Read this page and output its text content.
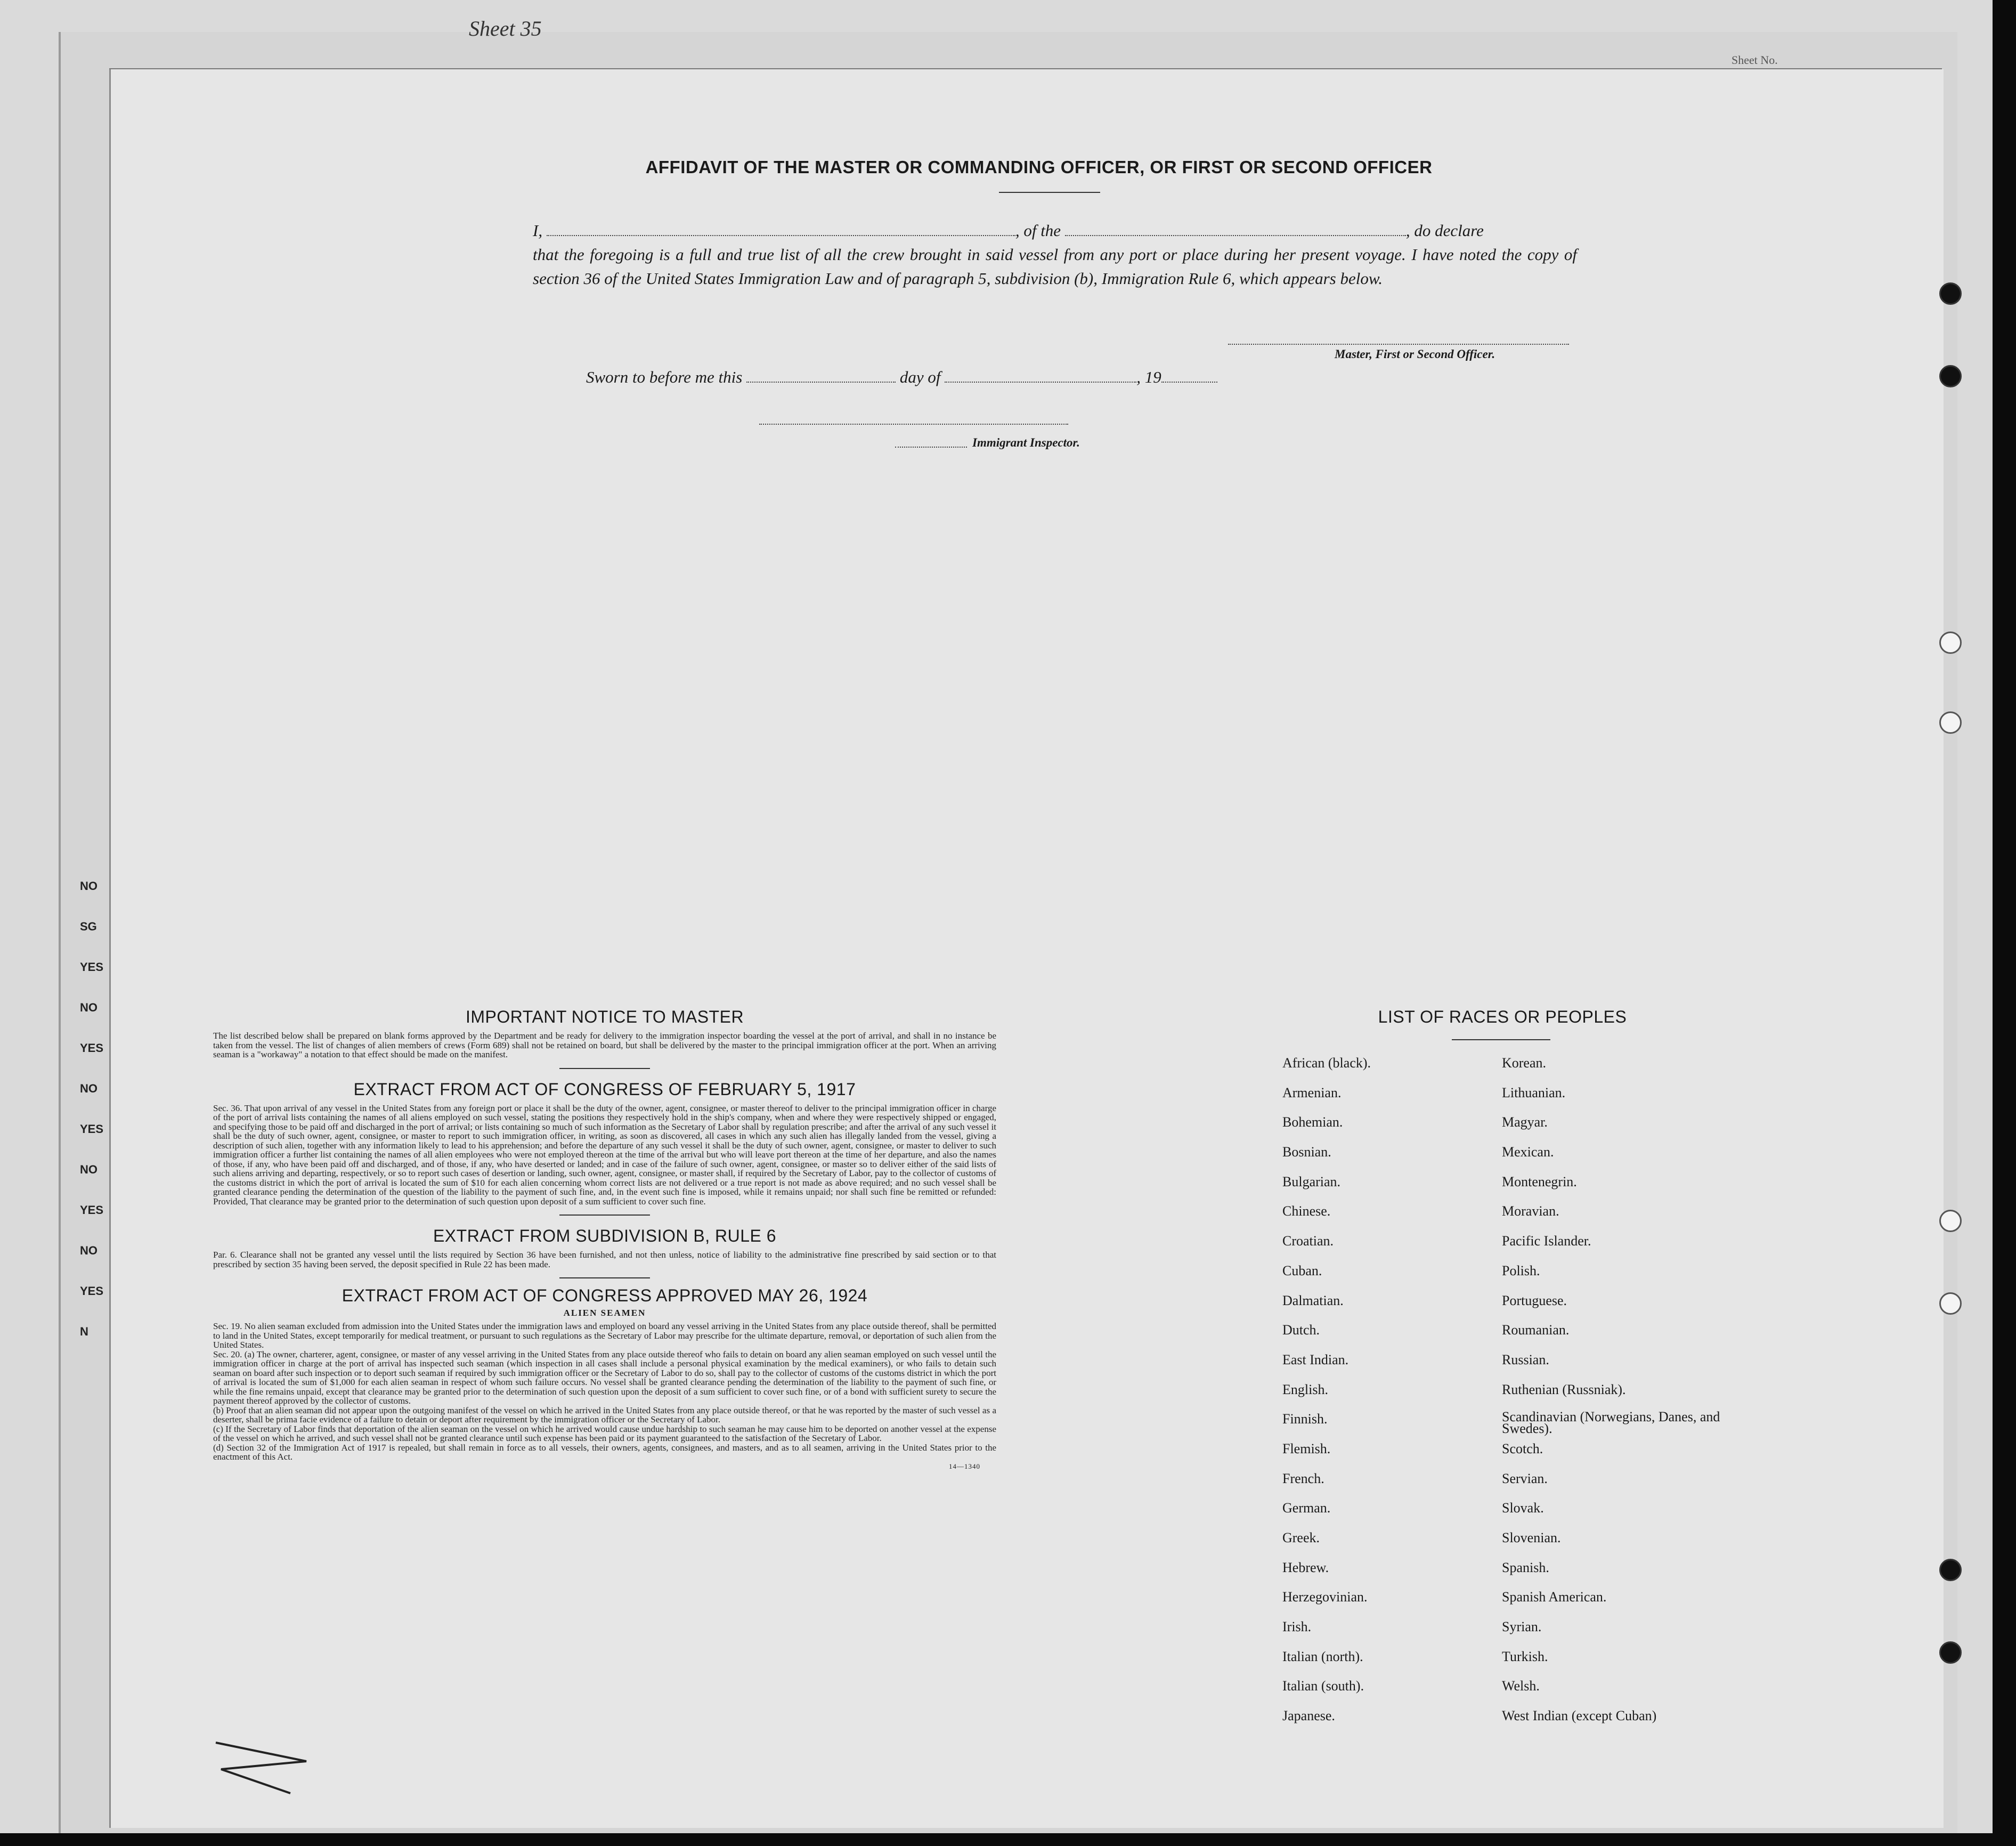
Sheet 35
NO
SG
YES
NO
YES
NO
YES
NO
YES
NO
YES
N
Sheet No.
AFFIDAVIT OF THE MASTER OR COMMANDING OFFICER, OR FIRST OR SECOND OFFICER
I,	, of the	, do declare
that the foregoing is a full and true list of all the crew brought in said vessel from any port or place during her present voyage. I have noted the copy of section 36 of the United States Immigration Law and of paragraph 5, subdivision (b), Immigration Rule 6, which appears below.
Master, First or Second Officer.
Sworn to before me this	day of	, 19
Immigrant Inspector.

IMPORTANT NOTICE TO MASTER

The list described below shall be prepared on blank forms approved by the Department and be ready for delivery to the immigration inspector boarding the vessel at the port of arrival, and shall in no instance be taken from the vessel. The list of changes of alien members of crews (Form 689) shall not be retained on board, but shall be delivered by the master to the principal immigration officer at the port. When an arriving seaman is a "workaway" a notation to that effect should be made on the manifest.

EXTRACT FROM ACT OF CONGRESS OF FEBRUARY 5, 1917

Sec. 36. That upon arrival of any vessel in the United States from any foreign port or place it shall be the duty of the owner, agent, consignee, or master thereof to deliver to the principal immigration officer in charge of the port of arrival lists containing the names of all aliens employed on such vessel, stating the positions they respectively hold in the ship's company, when and where they were respectively shipped or engaged, and specifying those to be paid off and discharged in the port of arrival; or lists containing so much of such information as the Secretary of Labor shall by regulation prescribe; and after the arrival of any such vessel it shall be the duty of such owner, agent, consignee, or master to report to such immigration officer, in writing, as soon as discovered, all cases in which any such alien has illegally landed from the vessel, giving a description of such alien, together with any information likely to lead to his apprehension; and before the departure of any such vessel it shall be the duty of such owner, agent, consignee, or master to deliver to such immigration officer a further list containing the names of all alien employees who were not employed thereon at the time of the arrival but who will leave port thereon at the time of her departure, and also the names of those, if any, who have been paid off and discharged, and of those, if any, who have deserted or landed; and in case of the failure of such owner, agent, consignee, or master so to deliver either of the said lists of such aliens arriving and departing, respectively, or so to report such cases of desertion or landing, such owner, agent, consignee, or master shall, if required by the Secretary of Labor, pay to the collector of customs of the customs district in which the port of arrival is located the sum of $10 for each alien concerning whom correct lists are not delivered or a true report is not made as above required; and no such vessel shall be granted clearance pending the determination of the question of the liability to the payment of such fine, and, in the event such fine is imposed, while it remains unpaid; nor shall such fine be remitted or refunded: Provided, That clearance may be granted prior to the determination of such question upon deposit of a sum sufficient to cover such fine.

EXTRACT FROM SUBDIVISION B, RULE 6

Par. 6. Clearance shall not be granted any vessel until the lists required by Section 36 have been furnished, and not then unless, notice of liability to the administrative fine prescribed by said section or to that prescribed by section 35 having been served, the deposit specified in Rule 22 has been made.

EXTRACT FROM ACT OF CONGRESS APPROVED MAY 26, 1924

ALIEN SEAMEN

Sec. 19. No alien seaman excluded from admission into the United States under the immigration laws and employed on board any vessel arriving in the United States from any place outside thereof, shall be permitted to land in the United States, except temporarily for medical treatment, or pursuant to such regulations as the Secretary of Labor may prescribe for the ultimate departure, removal, or deportation of such alien from the United States.

Sec. 20. (a) The owner, charterer, agent, consignee, or master of any vessel arriving in the United States from any place outside thereof who fails to detain on board any alien seaman employed on such vessel until the immigration officer in charge at the port of arrival has inspected such seaman (which inspection in all cases shall include a personal physical examination by the medical examiners), or who fails to detain such seaman on board after such inspection or to deport such seaman if required by such immigration officer or the Secretary of Labor to do so, shall pay to the collector of customs of the customs district in which the port of arrival is located the sum of $1,000 for each alien seaman in respect of whom such failure occurs. No vessel shall be granted clearance pending the determination of the liability to the payment of such fine, or while the fine remains unpaid, except that clearance may be granted prior to the determination of such question upon the deposit of a sum sufficient to cover such fine, or of a bond with sufficient surety to secure the payment thereof approved by the collector of customs.

(b) Proof that an alien seaman did not appear upon the outgoing manifest of the vessel on which he arrived in the United States from any place outside thereof, or that he was reported by the master of such vessel as a deserter, shall be prima facie evidence of a failure to detain or deport after requirement by the immigration officer or the Secretary of Labor.

(c) If the Secretary of Labor finds that deportation of the alien seaman on the vessel on which he arrived would cause undue hardship to such seaman he may cause him to be deported on another vessel at the expense of the vessel on which he arrived, and such vessel shall not be granted clearance until such expense has been paid or its payment guaranteed to the satisfaction of the Secretary of Labor.

(d) Section 32 of the Immigration Act of 1917 is repealed, but shall remain in force as to all vessels, their owners, agents, consignees, and masters, and as to all seamen, arriving in the United States prior to the enactment of this Act.

14—1340
LIST OF RACES OR PEOPLES
African (black).	Korean.
Armenian.	Lithuanian.
Bohemian.	Magyar.
Bosnian.	Mexican.
Bulgarian.	Montenegrin.
Chinese.	Moravian.
Croatian.	Pacific Islander.
Cuban.	Polish.
Dalmatian.	Portuguese.
Dutch.	Roumanian.
East Indian.	Russian.
English.	Ruthenian (Russniak).
Finnish.	Scandinavian (Norwegians, Danes, and Swedes).
Flemish.	Scotch.
French.	Servian.
German.	Slovak.
Greek.	Slovenian.
Hebrew.	Spanish.
Herzegovinian.	Spanish American.
Irish.	Syrian.
Italian (north).	Turkish.
Italian (south).	Welsh.
Japanese.	West Indian (except Cuban)
